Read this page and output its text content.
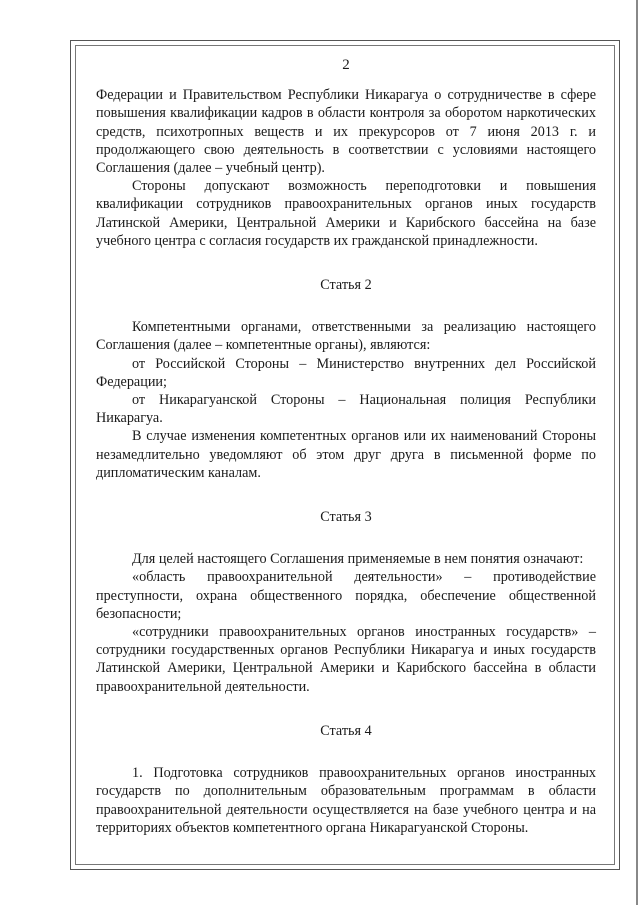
2

Федерации и Правительством Республики Никарагуа о сотрудничестве в сфере повышения квалификации кадров в области контроля за оборотом наркотических средств, психотропных веществ и их прекурсоров от 7 июня 2013 г. и продолжающего свою деятельность в соответствии с условиями настоящего Соглашения (далее – учебный центр).

Стороны допускают возможность переподготовки и повышения квалификации сотрудников правоохранительных органов иных государств Латинской Америки, Центральной Америки и Карибского бассейна на базе учебного центра с согласия государств их гражданской принадлежности.

Статья 2

Компетентными органами, ответственными за реализацию настоящего Соглашения (далее – компетентные органы), являются:

от Российской Стороны – Министерство внутренних дел Российской Федерации;

от Никарагуанской Стороны – Национальная полиция Республики Никарагуа.

В случае изменения компетентных органов или их наименований Стороны незамедлительно уведомляют об этом друг друга в письменной форме по дипломатическим каналам.

Статья 3

Для целей настоящего Соглашения применяемые в нем понятия означают:

«область правоохранительной деятельности» – противодействие преступности, охрана общественного порядка, обеспечение общественной безопасности;

«сотрудники правоохранительных органов иностранных государств» – сотрудники государственных органов Республики Никарагуа и иных государств Латинской Америки, Центральной Америки и Карибского бассейна в области правоохранительной деятельности.

Статья 4

1. Подготовка сотрудников правоохранительных органов иностранных государств по дополнительным образовательным программам в области правоохранительной деятельности осуществляется на базе учебного центра и на территориях объектов компетентного органа Никарагуанской Стороны.
